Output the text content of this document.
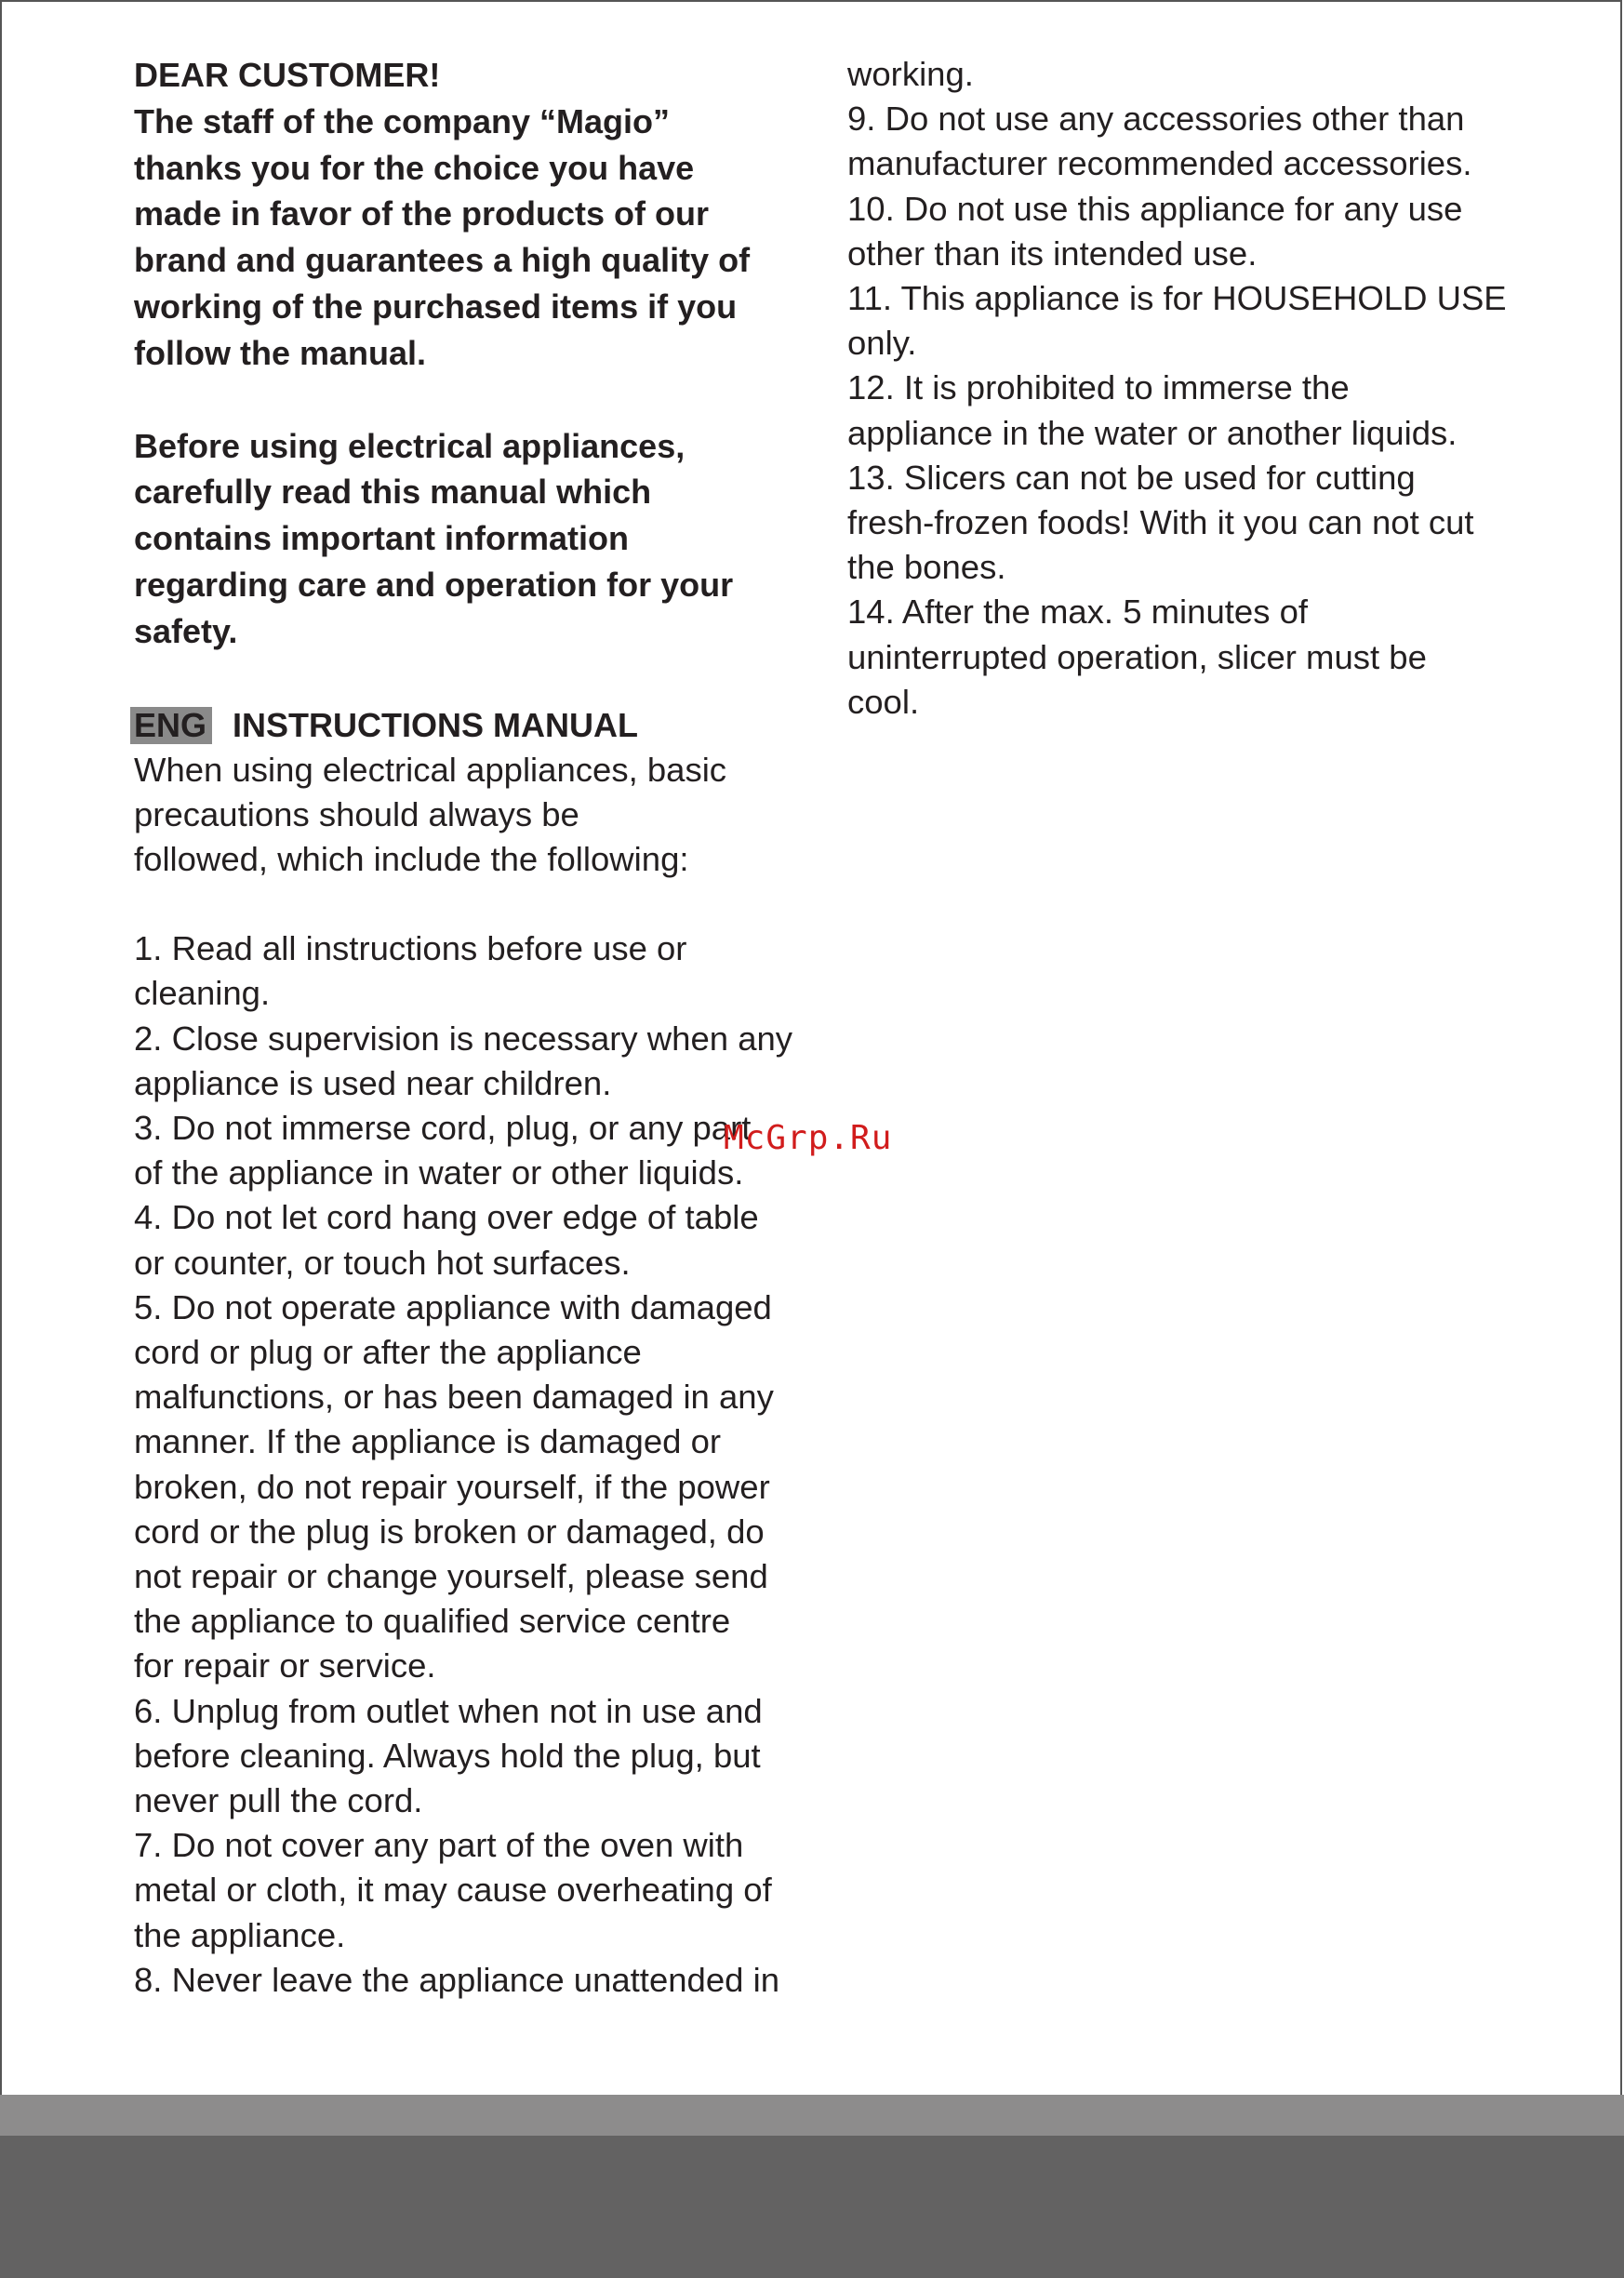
DEAR CUSTOMER!

The staff of the company “Magio”
thanks you for the choice you have
made in favor of the products of our
brand and guarantees a high quality of
working of the purchased items if you
follow the manual.

Before using electrical appliances,
carefully read this manual which
contains important information
regarding care and operation for your
safety.

ENG INSTRUCTIONS MANUAL

When using electrical appliances, basic
precautions should always be
followed, which include the following:

1. Read all instructions before use or
cleaning.

2. Close supervision is necessary when any
appliance is used near children.

3. Do not immerse cord, plug, or any part
of the appliance in water or other liquids.

4. Do not let cord hang over edge of table
or counter, or touch hot surfaces.

5. Do not operate appliance with damaged
cord or plug or after the appliance
malfunctions, or has been damaged in any
manner. If the appliance is damaged or
broken, do not repair yourself, if the power
cord or the plug is broken or damaged, do
not repair or change yourself, please send
the appliance to qualified service centre
for repair or service.

6. Unplug from outlet when not in use and
before cleaning. Always hold the plug, but
never pull the cord.

7. Do not cover any part of the oven with
metal or cloth, it may cause overheating of
the appliance.

8. Never leave the appliance unattended in

working.

9. Do not use any accessories other than
manufacturer recommended accessories.

10. Do not use this appliance for any use
other than its intended use.

11. This appliance is for HOUSEHOLD USE
only.

12. It is prohibited to immerse the
appliance in the water or another liquids.

13. Slicers can not be used for cutting
fresh-frozen foods! With it you can not cut
the bones.

14. After the max. 5 minutes of
uninterrupted operation, slicer must be
cool.

McGrp.Ru
